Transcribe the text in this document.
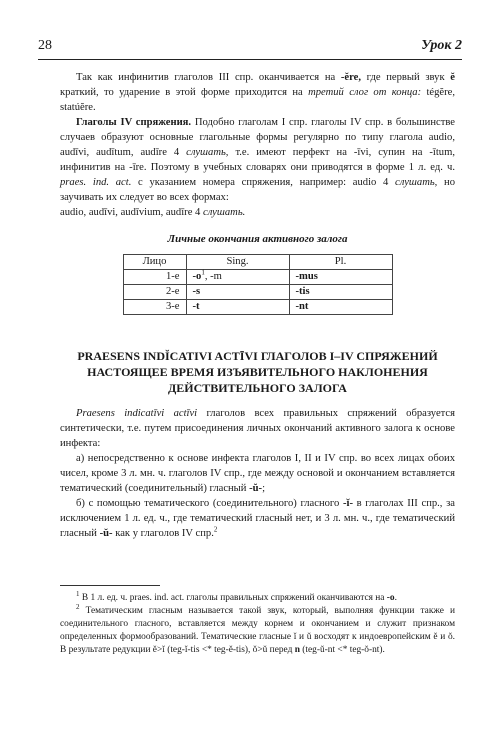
28	Урок 2

Так как инфинитив глаголов III спр. оканчивается на -ĕre, где первый звук ĕ краткий, то ударение в этой форме приходится на третий слог от конца: tégĕre, statúĕre.

Глаголы IV спряжения. Подобно глаголам I спр. глаголы IV спр. в большинстве случаев образуют основные глагольные формы регулярно по типу глагола audio, audīvi, audītum, audīre 4 слушать, т.е. имеют перфект на -īvi, супин на -ītum, инфинитив на -īre. Поэтому в учебных словарях они приводятся в форме 1 л. ед. ч. praes. ind. act. с указанием номера спряжения, например: audio 4 слушать, но заучивать их следует во всех формах:

audio, audīvi, audīvium, audīre 4 слушать.

Личные окончания активного залога

Лицо	Sing.	Pl.
1-е	$-o^1$, -m	-mus
2-е	-s	-tis
3-е	-t	-nt
PRAESENS INDĬCATIVI ACTĪVI ГЛАГОЛОВ I–IV СПРЯЖЕНИЙ
НАСТОЯЩЕЕ ВРЕМЯ ИЗЪЯВИТЕЛЬНОГО НАКЛОНЕНИЯ
ДЕЙСТВИТЕЛЬНОГО ЗАЛОГА

Praesens indicatīvi actīvi глаголов всех правильных спряжений образуется синтетически, т.е. путем присоединения личных окончаний активного залога к основе инфекта:

а) непосредственно к основе инфекта глаголов I, II и IV спр. во всех лицах обоих чисел, кроме 3 л. мн. ч. глаголов IV спр., где между основой и окончанием вставляется тематический (соединительный) гласный -ŭ-;

б) с помощью тематического (соединительного) гласного -ĭ- в глаголах III спр., за исключением 1 л. ед. ч., где тематический гласный нет, и 3 л. мн. ч., где тематический гласный -ŭ- как у глаголов IV спр.$^2$

$^1$ В 1 л. ед. ч. praes. ind. act. глаголы правильных спряжений оканчиваются на -o.

$^2$ Тематическим гласным называется такой звук, который, выполняя функции также и соединительного гласного, вставляется между корнем и окончанием и служит признаком определенных формообразований. Тематические гласные ĭ и ŭ восходят к индоевропейским ĕ и ŏ. В результате редукции ĕ>ĭ (teg-ĭ-tis <* teg-ĕ-tis), ŏ>ŭ перед n (teg-ŭ-nt <* teg-ŏ-nt).
